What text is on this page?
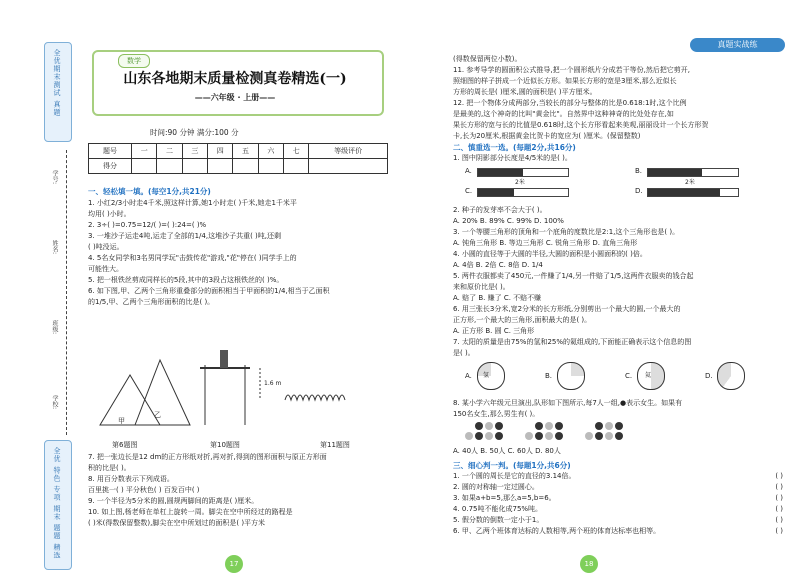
全优期末测试 真题
学号:
姓名:
班级:
学校:
全优 特色 专项 期末 题题 精选
数学
山东各地期末质量检测真卷精选(一)
——六年级 · 上册——
时间:90 分钟 满分:100 分
题号	一	二	三	四	五	六	七	等级评价
得分								
一、轻松填一填。(每空1分,共21分)
1. 小红2/3小时走4千米,照这样计算,她1小时走( )千米,她走1千米平
均用( )小时。
2. 3÷( )=0.75=12/( )=( ):24=( )%
3. 一堆沙子运走4吨,运走了全部的1/4,这堆沙子共重( )吨,还剩
( )吨没运。
4. 5名女同学和3名男同学玩"击鼓传花"游戏,"花"停在( )同学手上的
可能性大。
5. 把一根铁丝剪成同样长的5段,其中的3段占这根铁丝的( )%。
6. 如下图,甲、乙两个三角形重叠部分的面积相当于甲面积的1/4,相当于乙面积
的1/5,甲、乙两个三角形面积的比是( )。
甲
乙
1.6 m
第6题图	第10题图	第11题图
7. 把一张边长是12 dm的正方形纸对折,再对折,得到的图形面积与原正方形面
积的比是( )。
8. 用百分数表示下列成语。
百里挑一( ) 平分秋色( ) 百发百中( )
9. 一个半径为5分米的圆,圆规两脚间的距离是( )厘米。
10. 如上图,杨老师在单杠上旋转一周。脚尖在空中所经过的路程是
( )米(得数保留整数),脚尖在空中所划过的面积是( )平方米
17
真题实战练
(得数保留两位小数)。
11. 参考导学的圆面积公式推导,把一个圆形纸片分成若干等份,然后把它剪开,
照细图的样子拼成一个近似长方形。如果长方形的宽是3厘米,那么近似长
方形的周长是( )厘米,圆的面积是( )平方厘米。
12. 把一个物体分成两部分,当较长的部分与整体的比是0.618:1时,这个比例
是最美的,这个神奇的比叫"黄金比"。自然界中这种神奇的比处处存在,如
果长方形的宽与长的比值是0.618时,这个长方形看起来美观,丽丽设计一个长方形贺
卡,长为20厘米,根据黄金比贺卡的宽应为( )厘米。(保留整数)
二、慎重选一选。(每题2分,共16分)
1. 图中阴影部分长度是4/5米的是( )。
A.
2米
B.
2米
C.	D.
2. 种子的发芽率不会大于( )。
A. 20% B. 89% C. 99% D. 100%
3. 一个等腰三角形的顶角和一个底角的度数比是2:1,这个三角形也是( )。
A. 钝角三角形 B. 等边三角形 C. 锐角三角形 D. 直角三角形
4. 小圆的直径等于大圆的半径,大圆的面积是小圆面积的( )倍。
A. 4倍 B. 2倍 C. 8倍 D. 1/4
5. 两件衣服都卖了450元,一件赚了1/4,另一件赔了1/5,这两件衣服卖的钱合起
来和原价比是( )。
A. 赔了 B. 赚了 C. 不赔不赚
6. 用三张长3分米,宽2分米的长方形纸,分别剪出一个最大的圆,一个最大的
正方形,一个最大的三角形,面积最大的是( )。
A. 正方形 B. 圆 C. 三角形
7. 太阳的质量是由75%的氢和25%的氦组成的,下面能正确表示这个信息的图
是( )。
A. 氢	B.	C. 氦	D.
8. 某小学六年级元旦演出,队形如下图所示,每7人一组,●表示女生。如果有
150名女生,那么男生有( )。
A. 40人 B. 50人 C. 60人 D. 80人
三、细心判一判。(每题1分,共6分)
1. 一个圆的周长是它的直径的3.14倍。	( )
2. 圆的对称轴一定过圆心。	( )
3. 如果a+b=5,那么a=5,b=6。	( )
4. 0.75吨不能化成75%吨。	( )
5. 假分数的倒数一定小于1。	( )
6. 甲、乙两个班体育达标的人数相等,两个班的体育达标率也相等。	( )
18
